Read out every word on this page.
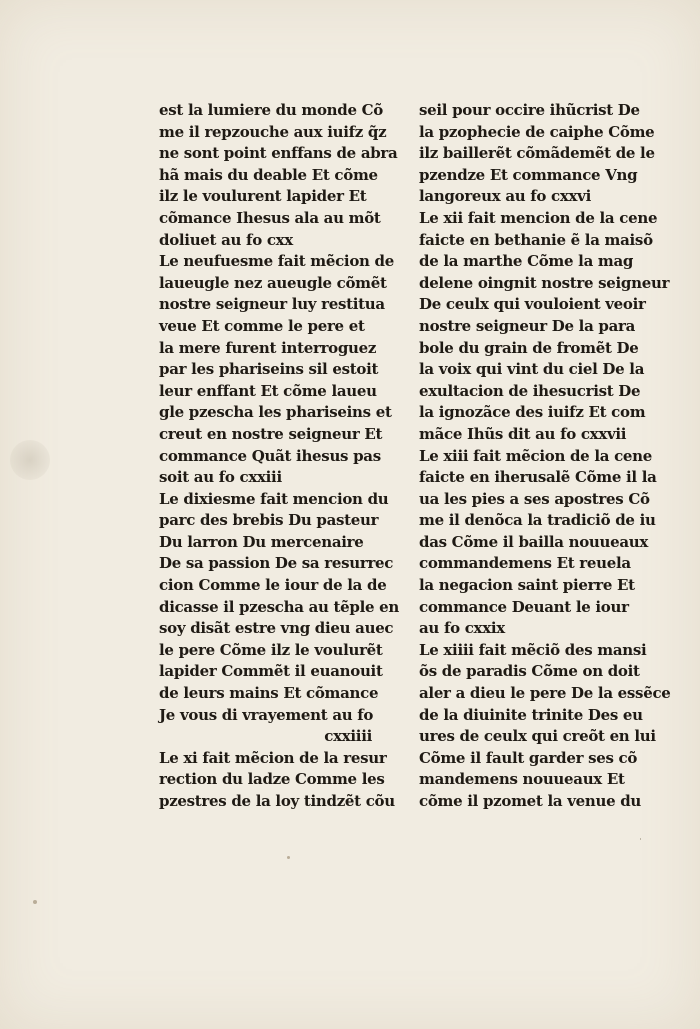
est la lumiere du monde Cõ
me il repzouche aux iuifz q̃z
ne sont point enffans de abra
hã mais du deable Et cõme
ilz le voulurent lapider Et
cõmance Ihesus ala au mõt
doliuet au fo cxx
Le neufuesme fait mẽcion de
laueugle nez aueugle cõmẽt
nostre seigneur luy restitua
veue Et comme le pere et
la mere furent interroguez
par les phariseins sil estoit
leur enffant Et cõme laueu
gle pzescha les phariseins et
creut en nostre seigneur Et
commance Quãt ihesus pas
soit au fo cxxiii
Le dixiesme fait mencion du
parc des brebis Du pasteur
Du larron Du mercenaire
De sa passion De sa resurrec
cion Comme le iour de la de
dicasse il pzescha au tẽple en
soy disãt estre vng dieu auec
le pere Cõme ilz le voulurẽt
lapider Commẽt il euanouit
de leurs mains Et cõmance
Je vous di vrayement au fo
cxxiiii
Le xi fait mẽcion de la resur
rection du ladze Comme les
pzestres de la loy tindzẽt cõu
seil pour occire ihũcrist De
la pzophecie de caiphe Cõme
ilz baillerẽt cõmãdemẽt de le
pzendze Et commance Vng
langoreux au fo cxxvi
Le xii fait mencion de la cene
faicte en bethanie ẽ la maisõ
de la marthe Cõme la mag
delene oingnit nostre seigneur
De ceulx qui vouloient veoir
nostre seigneur De la para
bole du grain de fromẽt De
la voix qui vint du ciel De la
exultacion de ihesucrist De
la ignozãce des iuifz Et com
mãce Ihũs dit au fo cxxvii
Le xiii fait mẽcion de la cene
faicte en iherusalẽ Cõme il la
ua les pies a ses apostres Cõ
me il denõca la tradiciõ de iu
das Cõme il bailla nouueaux
commandemens Et reuela
la negacion saint pierre Et
commance Deuant le iour
au fo cxxix
Le xiiii fait mẽciõ des mansi
õs de paradis Cõme on doit
aler a dieu le pere De la essẽce
de la diuinite trinite Des eu
ures de ceulx qui creõt en lui
Cõme il fault garder ses cõ
mandemens nouueaux Et
cõme il pzomet la venue du
˙
